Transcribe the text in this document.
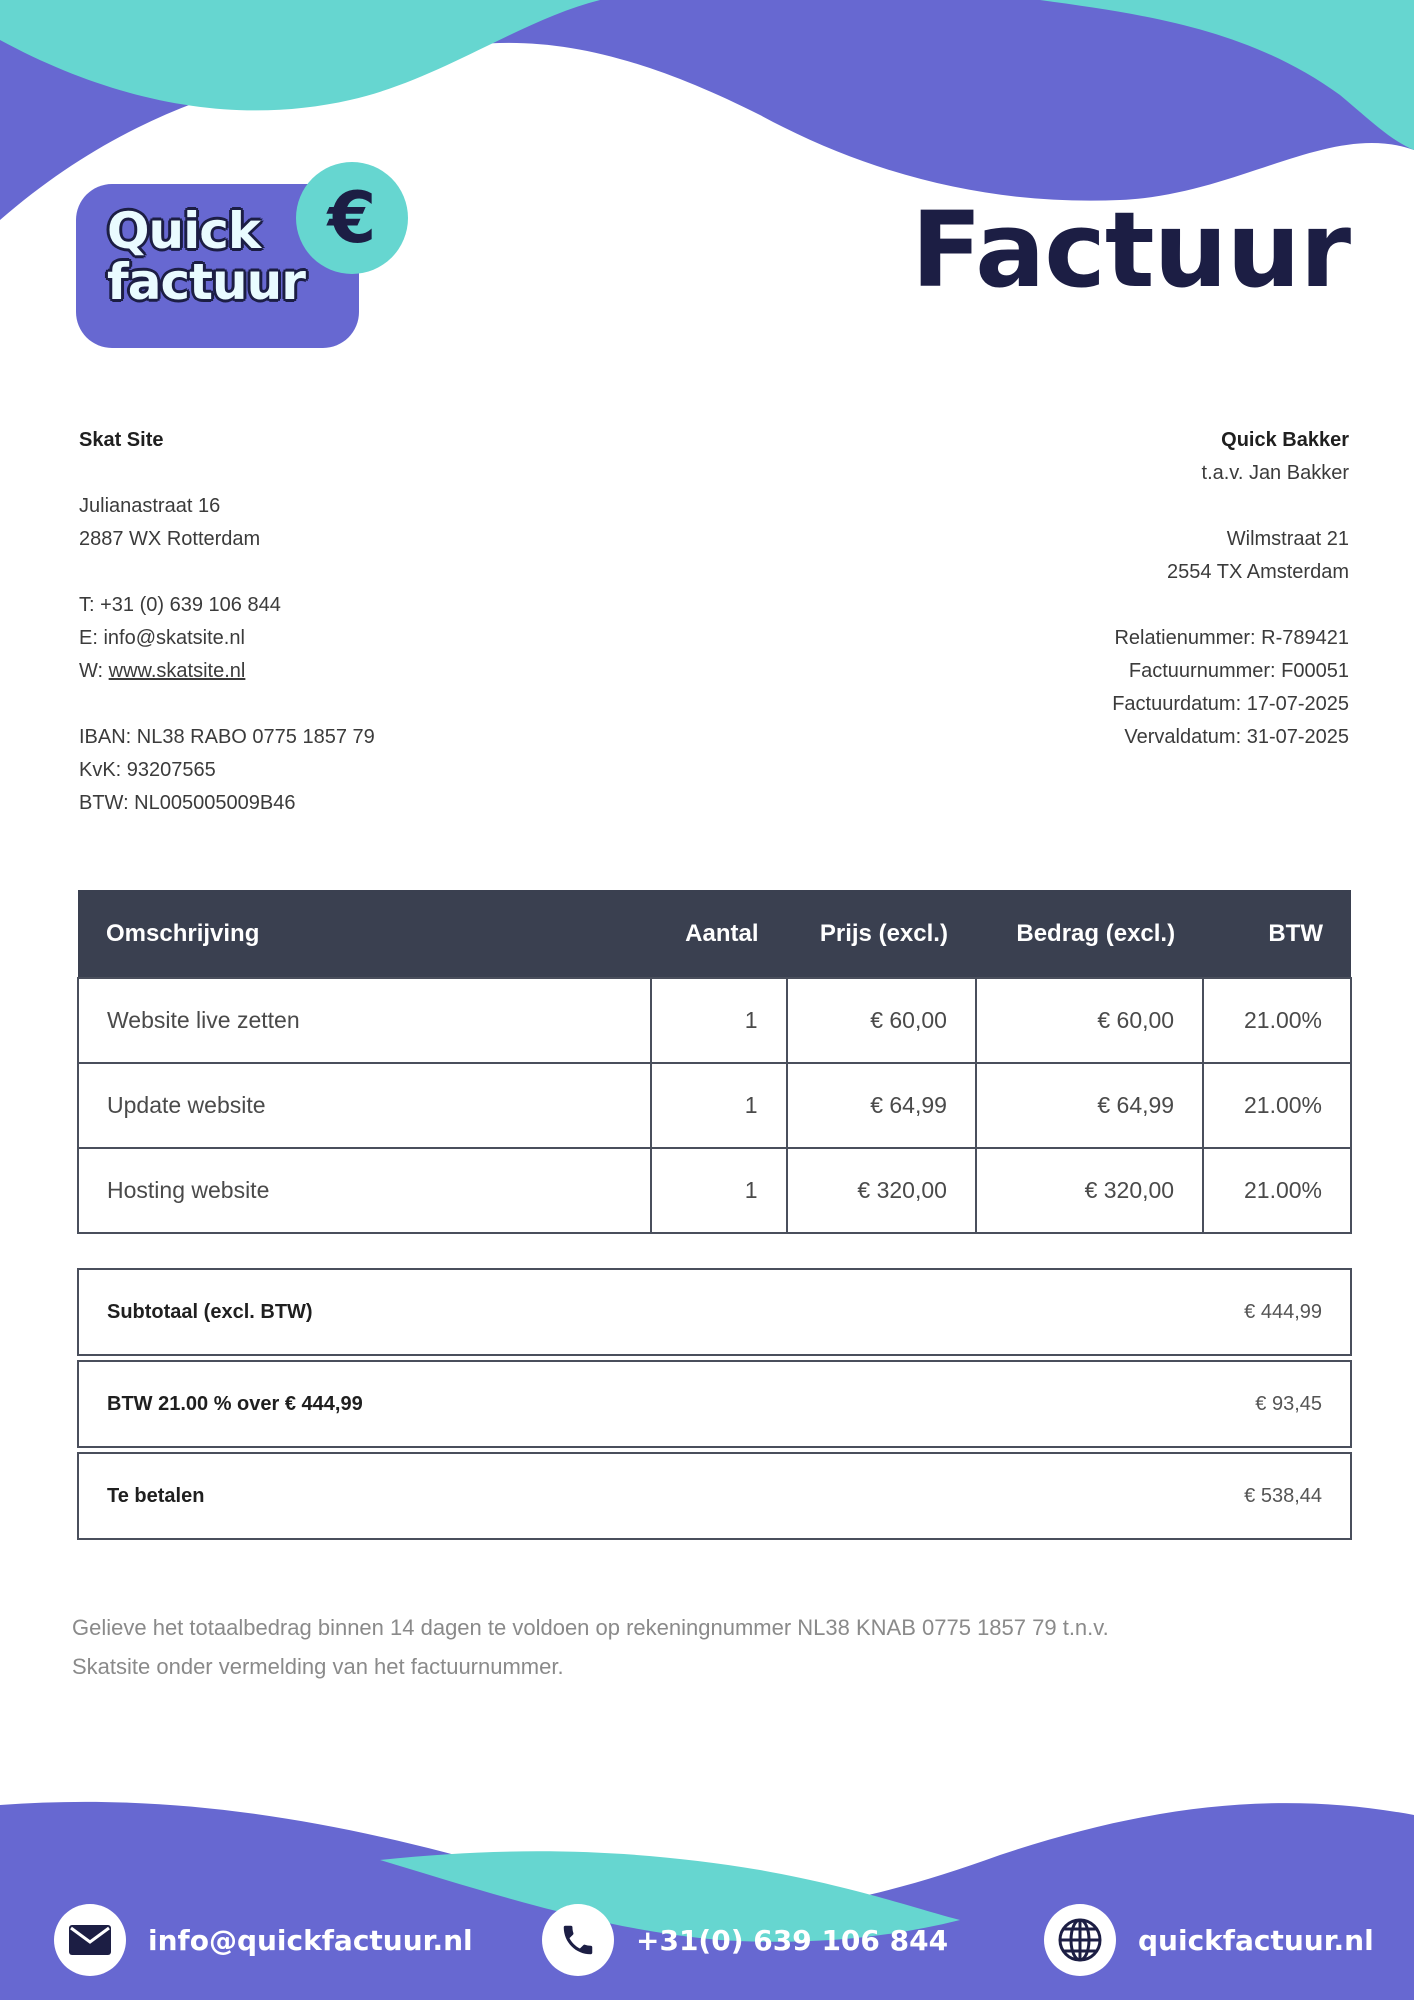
Quick
factuur
€	Factuur
Skat Site
Julianastraat 16
2887 WX Rotterdam
T: +31 (0) 639 106 844
E: info@skatsite.nl
W: www.skatsite.nl
IBAN: NL38 RABO 0775 1857 79
KvK: 93207565
BTW: NL005005009B46
Quick Bakker
t.a.v. Jan Bakker
Wilmstraat 21
2554 TX Amsterdam
Relatienummer: R-789421
Factuurnummer: F00051
Factuurdatum: 17-07-2025
Vervaldatum: 31-07-2025
Omschrijving	Aantal	Prijs (excl.)	Bedrag (excl.)	BTW
Website live zetten	1	€ 60,00	€ 60,00	21.00%
Update website	1	€ 64,99	€ 64,99	21.00%
Hosting website	1	€ 320,00	€ 320,00	21.00%
Subtotaal (excl. BTW)	€ 444,99
BTW 21.00 % over € 444,99	€ 93,45
Te betalen	€ 538,44
Gelieve het totaalbedrag binnen 14 dagen te voldoen op rekeningnummer NL38 KNAB 0775 1857 79 t.n.v.
Skatsite onder vermelding van het factuurnummer.
info@quickfactuur.nl	+31(0) 639 106 844	quickfactuur.nl
